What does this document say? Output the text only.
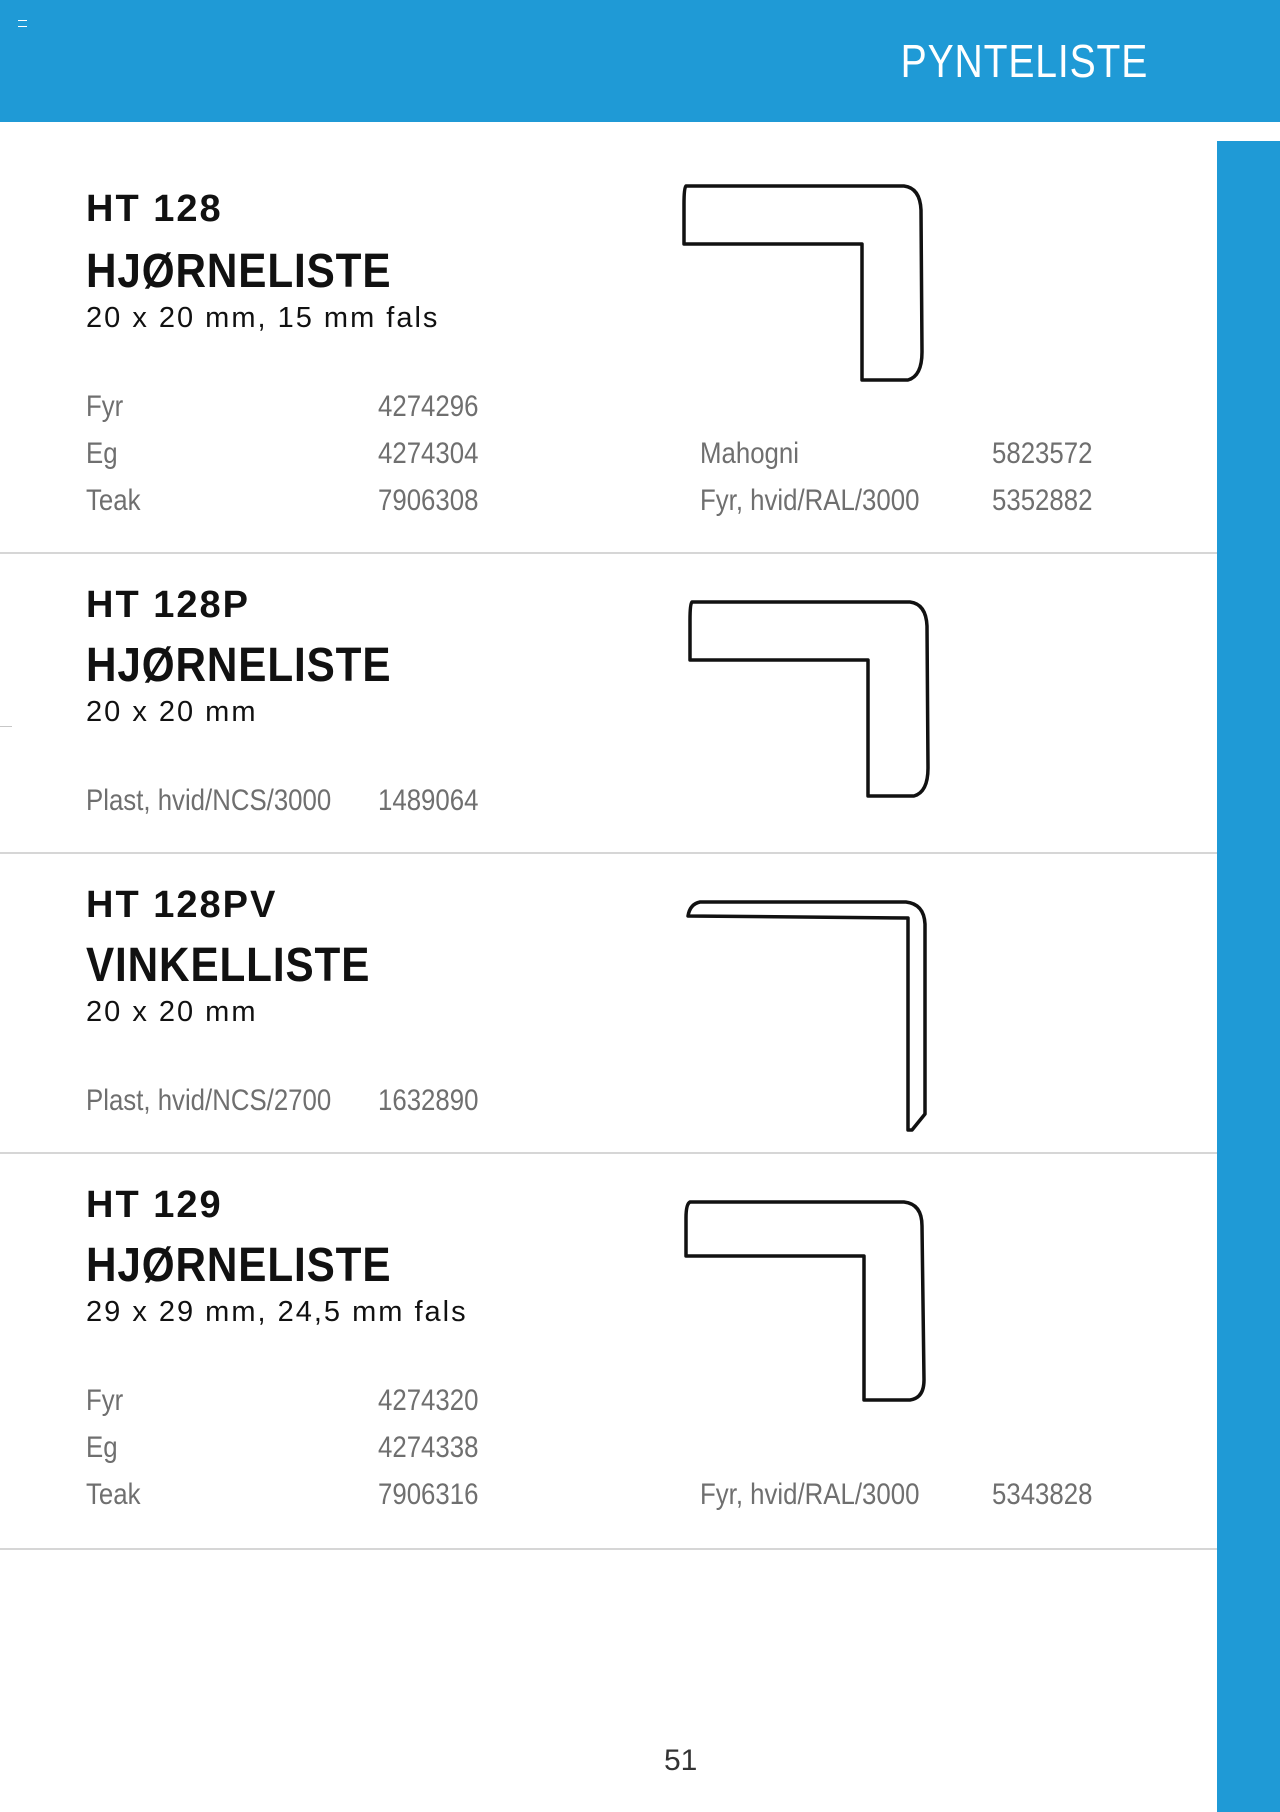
PYNTELISTE
HT 128
HJØRNELISTE
20 x 20 mm, 15 mm fals
Fyr	4274296
Eg	4274304
Teak	7906308
Mahogni	5823572
Fyr, hvid/RAL/3000 5352882
HT 128P
HJØRNELISTE
20 x 20 mm
Plast, hvid/NCS/3000 1489064
HT 128PV
VINKELLISTE
20 x 20 mm
Plast, hvid/NCS/2700 1632890
HT 129
HJØRNELISTE
29 x 29 mm, 24,5 mm fals
Fyr	4274320
Eg	4274338
Teak	7906316	Fyr, hvid/RAL/3000 5343828
51
